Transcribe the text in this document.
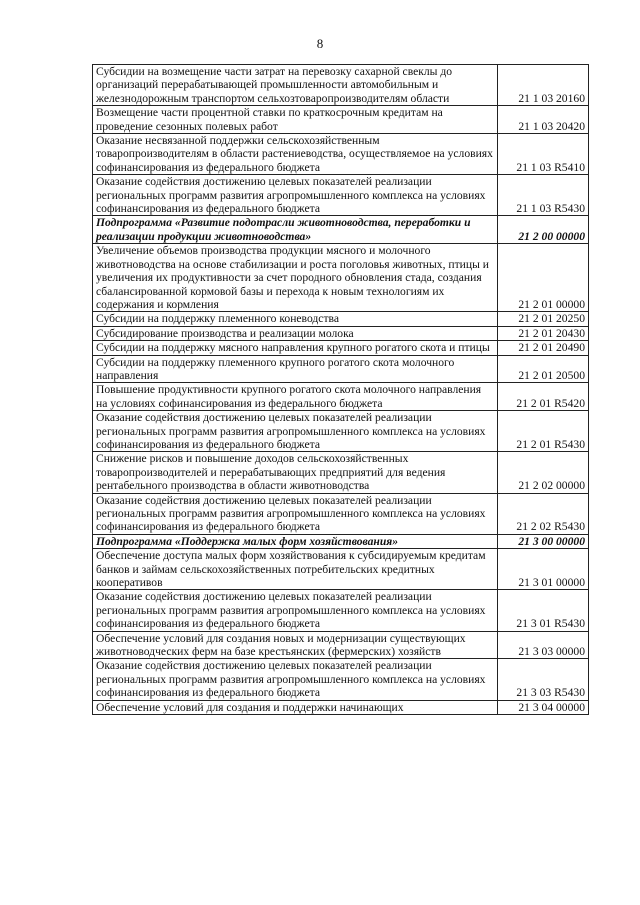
8
Субсидии на возмещение части затрат на перевозку сахарной свеклы до организаций перерабатывающей промышленности автомобильным и железнодорожным транспортом сельхозтоваропроизводителям области	21 1 03 20160
Возмещение части процентной ставки по краткосрочным кредитам на проведение сезонных полевых работ	21 1 03 20420
Оказание несвязанной поддержки сельскохозяйственным товаропроизводителям в области растениеводства, осуществляемое на условиях софинансирования из федерального бюджета	21 1 03 R5410
Оказание содействия достижению целевых показателей реализации региональных программ развития агропромышленного комплекса на условиях софинансирования из федерального бюджета	21 1 03 R5430
Подпрограмма «Развитие подотрасли животноводства, переработки и реализации продукции животноводства»	21 2 00 00000
Увеличение объемов производства продукции мясного и молочного животноводства на основе стабилизации и роста поголовья животных, птицы и увеличения их продуктивности за счет породного обновления стада, создания сбалансированной кормовой базы и перехода к новым технологиям их содержания и кормления	21 2 01 00000
Субсидии на поддержку племенного коневодства	21 2 01 20250
Субсидирование производства и реализации молока	21 2 01 20430
Субсидии на поддержку мясного направления крупного рогатого скота и птицы	21 2 01 20490
Субсидии на поддержку племенного крупного рогатого скота молочного направления	21 2 01 20500
Повышение продуктивности крупного рогатого скота молочного направления на условиях софинансирования из федерального бюджета	21 2 01 R5420
Оказание содействия достижению целевых показателей реализации региональных программ развития агропромышленного комплекса на условиях софинансирования из федерального бюджета	21 2 01 R5430
Снижение рисков и повышение доходов сельскохозяйственных товаропроизводителей и перерабатывающих предприятий для ведения рентабельного производства в области животноводства	21 2 02 00000
Оказание содействия достижению целевых показателей реализации региональных программ развития агропромышленного комплекса на условиях софинансирования из федерального бюджета	21 2 02 R5430
Подпрограмма «Поддержка малых форм хозяйствования»	21 3 00 00000
Обеспечение доступа малых форм хозяйствования к субсидируемым кредитам банков и займам сельскохозяйственных потребительских кредитных кооперативов	21 3 01 00000
Оказание содействия достижению целевых показателей реализации региональных программ развития агропромышленного комплекса на условиях софинансирования из федерального бюджета	21 3 01 R5430
Обеспечение условий для создания новых и модернизации существующих животноводческих ферм на базе крестьянских (фермерских) хозяйств	21 3 03 00000
Оказание содействия достижению целевых показателей реализации региональных программ развития агропромышленного комплекса на условиях софинансирования из федерального бюджета	21 3 03 R5430
Обеспечение условий для создания и поддержки начинающих	21 3 04 00000
